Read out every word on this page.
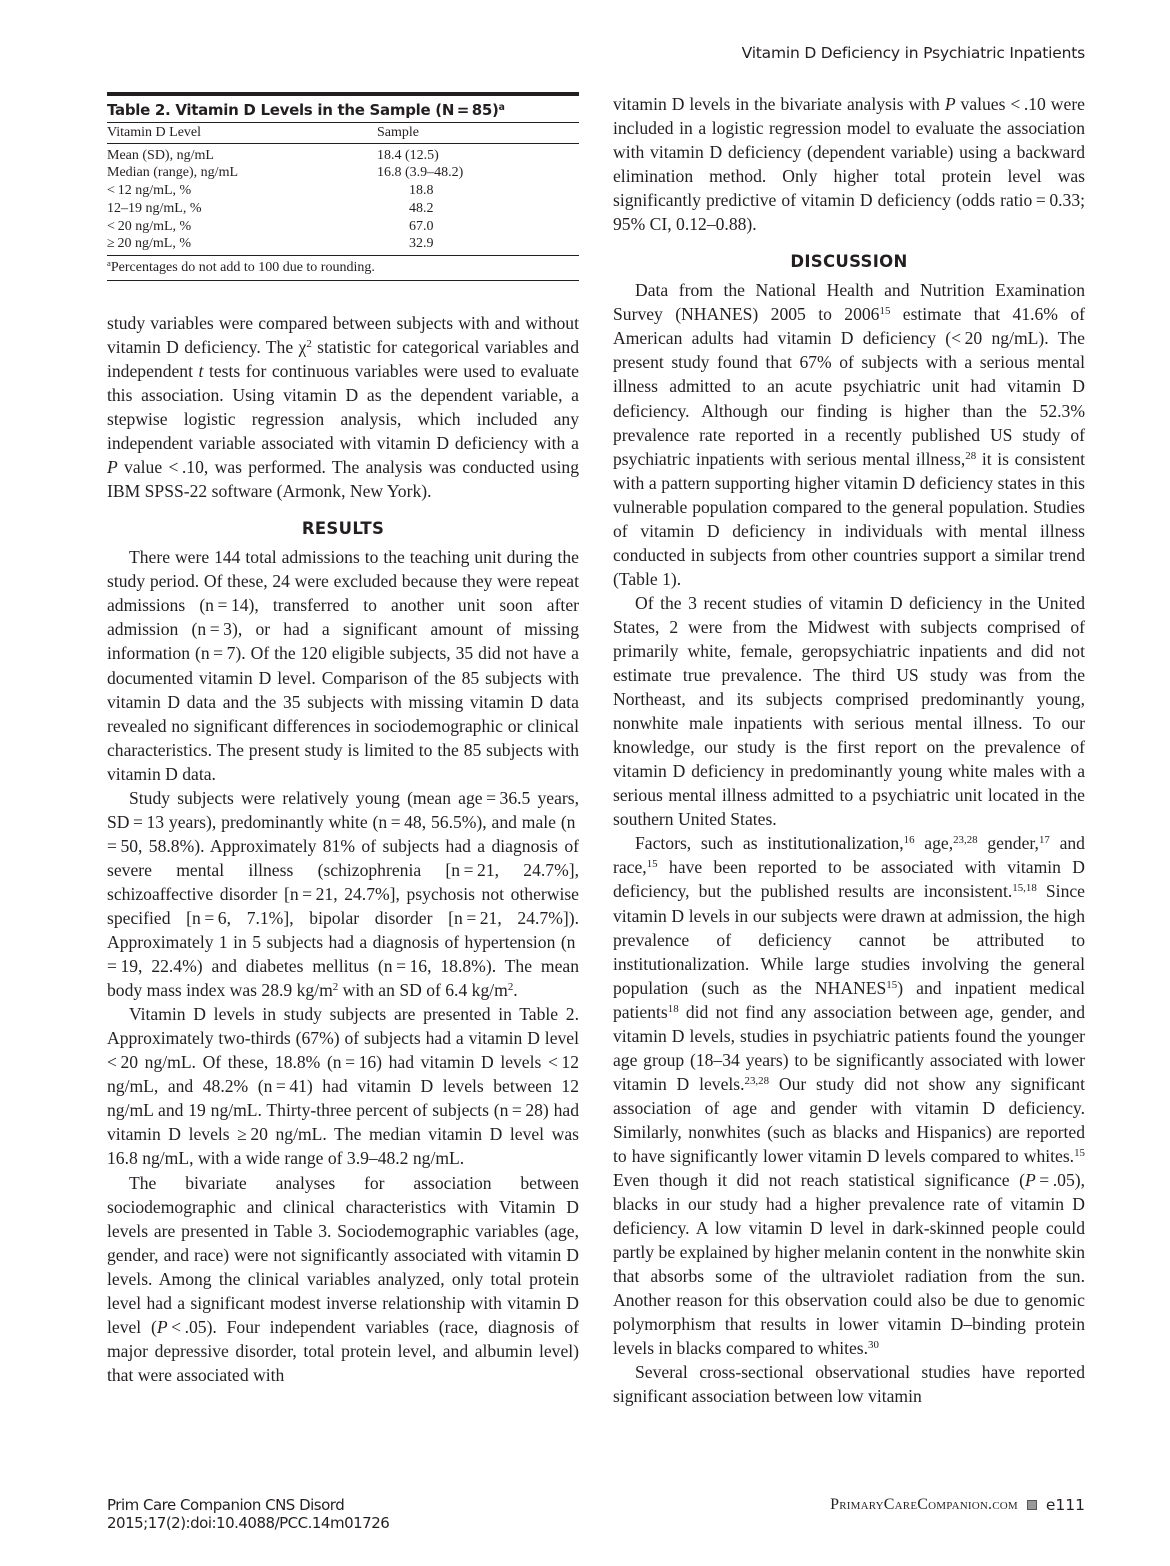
Vitamin D Deficiency in Psychiatric Inpatients
Table 2. Vitamin D Levels in the Sample (N = 85)$^a$
Vitamin D Level	Sample
Mean (SD), ng/mL	18.4 (12.5)
Median (range), ng/mL	16.8 (3.9–48.2)
< 12 ng/mL, %	18.8
12–19 ng/mL, %	48.2
< 20 ng/mL, %	67.0
≥ 20 ng/mL, %	32.9
$^a$Percentages do not add to 100 due to rounding.

study variables were compared between subjects with and without vitamin D deficiency. The $\chi^2$ statistic for categorical variables and independent t tests for continuous variables were used to evaluate this association. Using vitamin D as the dependent variable, a stepwise logistic regression analysis, which included any independent variable associated with vitamin D deficiency with a P value < .10, was performed. The analysis was conducted using IBM SPSS-22 software (Armonk, New York).

RESULTS

There were 144 total admissions to the teaching unit during the study period. Of these, 24 were excluded because they were repeat admissions (n = 14), transferred to another unit soon after admission (n = 3), or had a significant amount of missing information (n = 7). Of the 120 eligible subjects, 35 did not have a documented vitamin D level. Comparison of the 85 subjects with vitamin D data and the 35 subjects with missing vitamin D data revealed no significant differences in sociodemographic or clinical characteristics. The present study is limited to the 85 subjects with vitamin D data.

Study subjects were relatively young (mean age = 36.5 years, SD = 13 years), predominantly white (n = 48, 56.5%), and male (n = 50, 58.8%). Approximately 81% of subjects had a diagnosis of severe mental illness (schizophrenia [n = 21, 24.7%], schizoaffective disorder [n = 21, 24.7%], psychosis not otherwise specified [n = 6, 7.1%], bipolar disorder [n = 21, 24.7%]). Approximately 1 in 5 subjects had a diagnosis of hypertension (n = 19, 22.4%) and diabetes mellitus (n = 16, 18.8%). The mean body mass index was 28.9 $kg/m^2$ with an SD of 6.4 $kg/m^2$.

Vitamin D levels in study subjects are presented in Table 2. Approximately two-thirds (67%) of subjects had a vitamin D level < 20 ng/mL. Of these, 18.8% (n = 16) had vitamin D levels < 12 ng/mL, and 48.2% (n = 41) had vitamin D levels between 12 ng/mL and 19 ng/mL. Thirty-three percent of subjects (n = 28) had vitamin D levels ≥ 20 ng/mL. The median vitamin D level was 16.8 ng/mL, with a wide range of 3.9–48.2 ng/mL.

The bivariate analyses for association between sociodemographic and clinical characteristics with Vitamin D levels are presented in Table 3. Sociodemographic variables (age, gender, and race) were not significantly associated with vitamin D levels. Among the clinical variables analyzed, only total protein level had a significant modest inverse relationship with vitamin D level (P < .05). Four independent variables (race, diagnosis of major depressive disorder, total protein level, and albumin level) that were associated with

vitamin D levels in the bivariate analysis with P values < .10 were included in a logistic regression model to evaluate the association with vitamin D deficiency (dependent variable) using a backward elimination method. Only higher total protein level was significantly predictive of vitamin D deficiency (odds ratio = 0.33; 95% CI, 0.12–0.88).

DISCUSSION

Data from the National Health and Nutrition Examination Survey (NHANES) 2005 to 2006$^{15}$ estimate that 41.6% of American adults had vitamin D deficiency (< 20 ng/mL). The present study found that 67% of subjects with a serious mental illness admitted to an acute psychiatric unit had vitamin D deficiency. Although our finding is higher than the 52.3% prevalence rate reported in a recently published US study of psychiatric inpatients with serious mental illness,$^{28}$ it is consistent with a pattern supporting higher vitamin D deficiency states in this vulnerable population compared to the general population. Studies of vitamin D deficiency in individuals with mental illness conducted in subjects from other countries support a similar trend (Table 1).

Of the 3 recent studies of vitamin D deficiency in the United States, 2 were from the Midwest with subjects comprised of primarily white, female, geropsychiatric inpatients and did not estimate true prevalence. The third US study was from the Northeast, and its subjects comprised predominantly young, nonwhite male inpatients with serious mental illness. To our knowledge, our study is the first report on the prevalence of vitamin D deficiency in predominantly young white males with a serious mental illness admitted to a psychiatric unit located in the southern United States.

Factors, such as institutionalization,$^{16}$ age,$^{23,28}$ gender,$^{17}$ and race,$^{15}$ have been reported to be associated with vitamin D deficiency, but the published results are inconsistent.$^{15,18}$ Since vitamin D levels in our subjects were drawn at admission, the high prevalence of deficiency cannot be attributed to institutionalization. While large studies involving the general population (such as the NHANES$^{15}$) and inpatient medical patients$^{18}$ did not find any association between age, gender, and vitamin D levels, studies in psychiatric patients found the younger age group (18–34 years) to be significantly associated with lower vitamin D levels.$^{23,28}$ Our study did not show any significant association of age and gender with vitamin D deficiency. Similarly, nonwhites (such as blacks and Hispanics) are reported to have significantly lower vitamin D levels compared to whites.$^{15}$ Even though it did not reach statistical significance (P = .05), blacks in our study had a higher prevalence rate of vitamin D deficiency. A low vitamin D level in dark-skinned people could partly be explained by higher melanin content in the nonwhite skin that absorbs some of the ultraviolet radiation from the sun. Another reason for this observation could also be due to genomic polymorphism that results in lower vitamin D–binding protein levels in blacks compared to whites.$^{30}$

Several cross-sectional observational studies have reported significant association between low vitamin

Prim Care Companion CNS Disord
2015;17(2):doi:10.4088/PCC.14m01726
PrimaryCareCompanion.com e111
